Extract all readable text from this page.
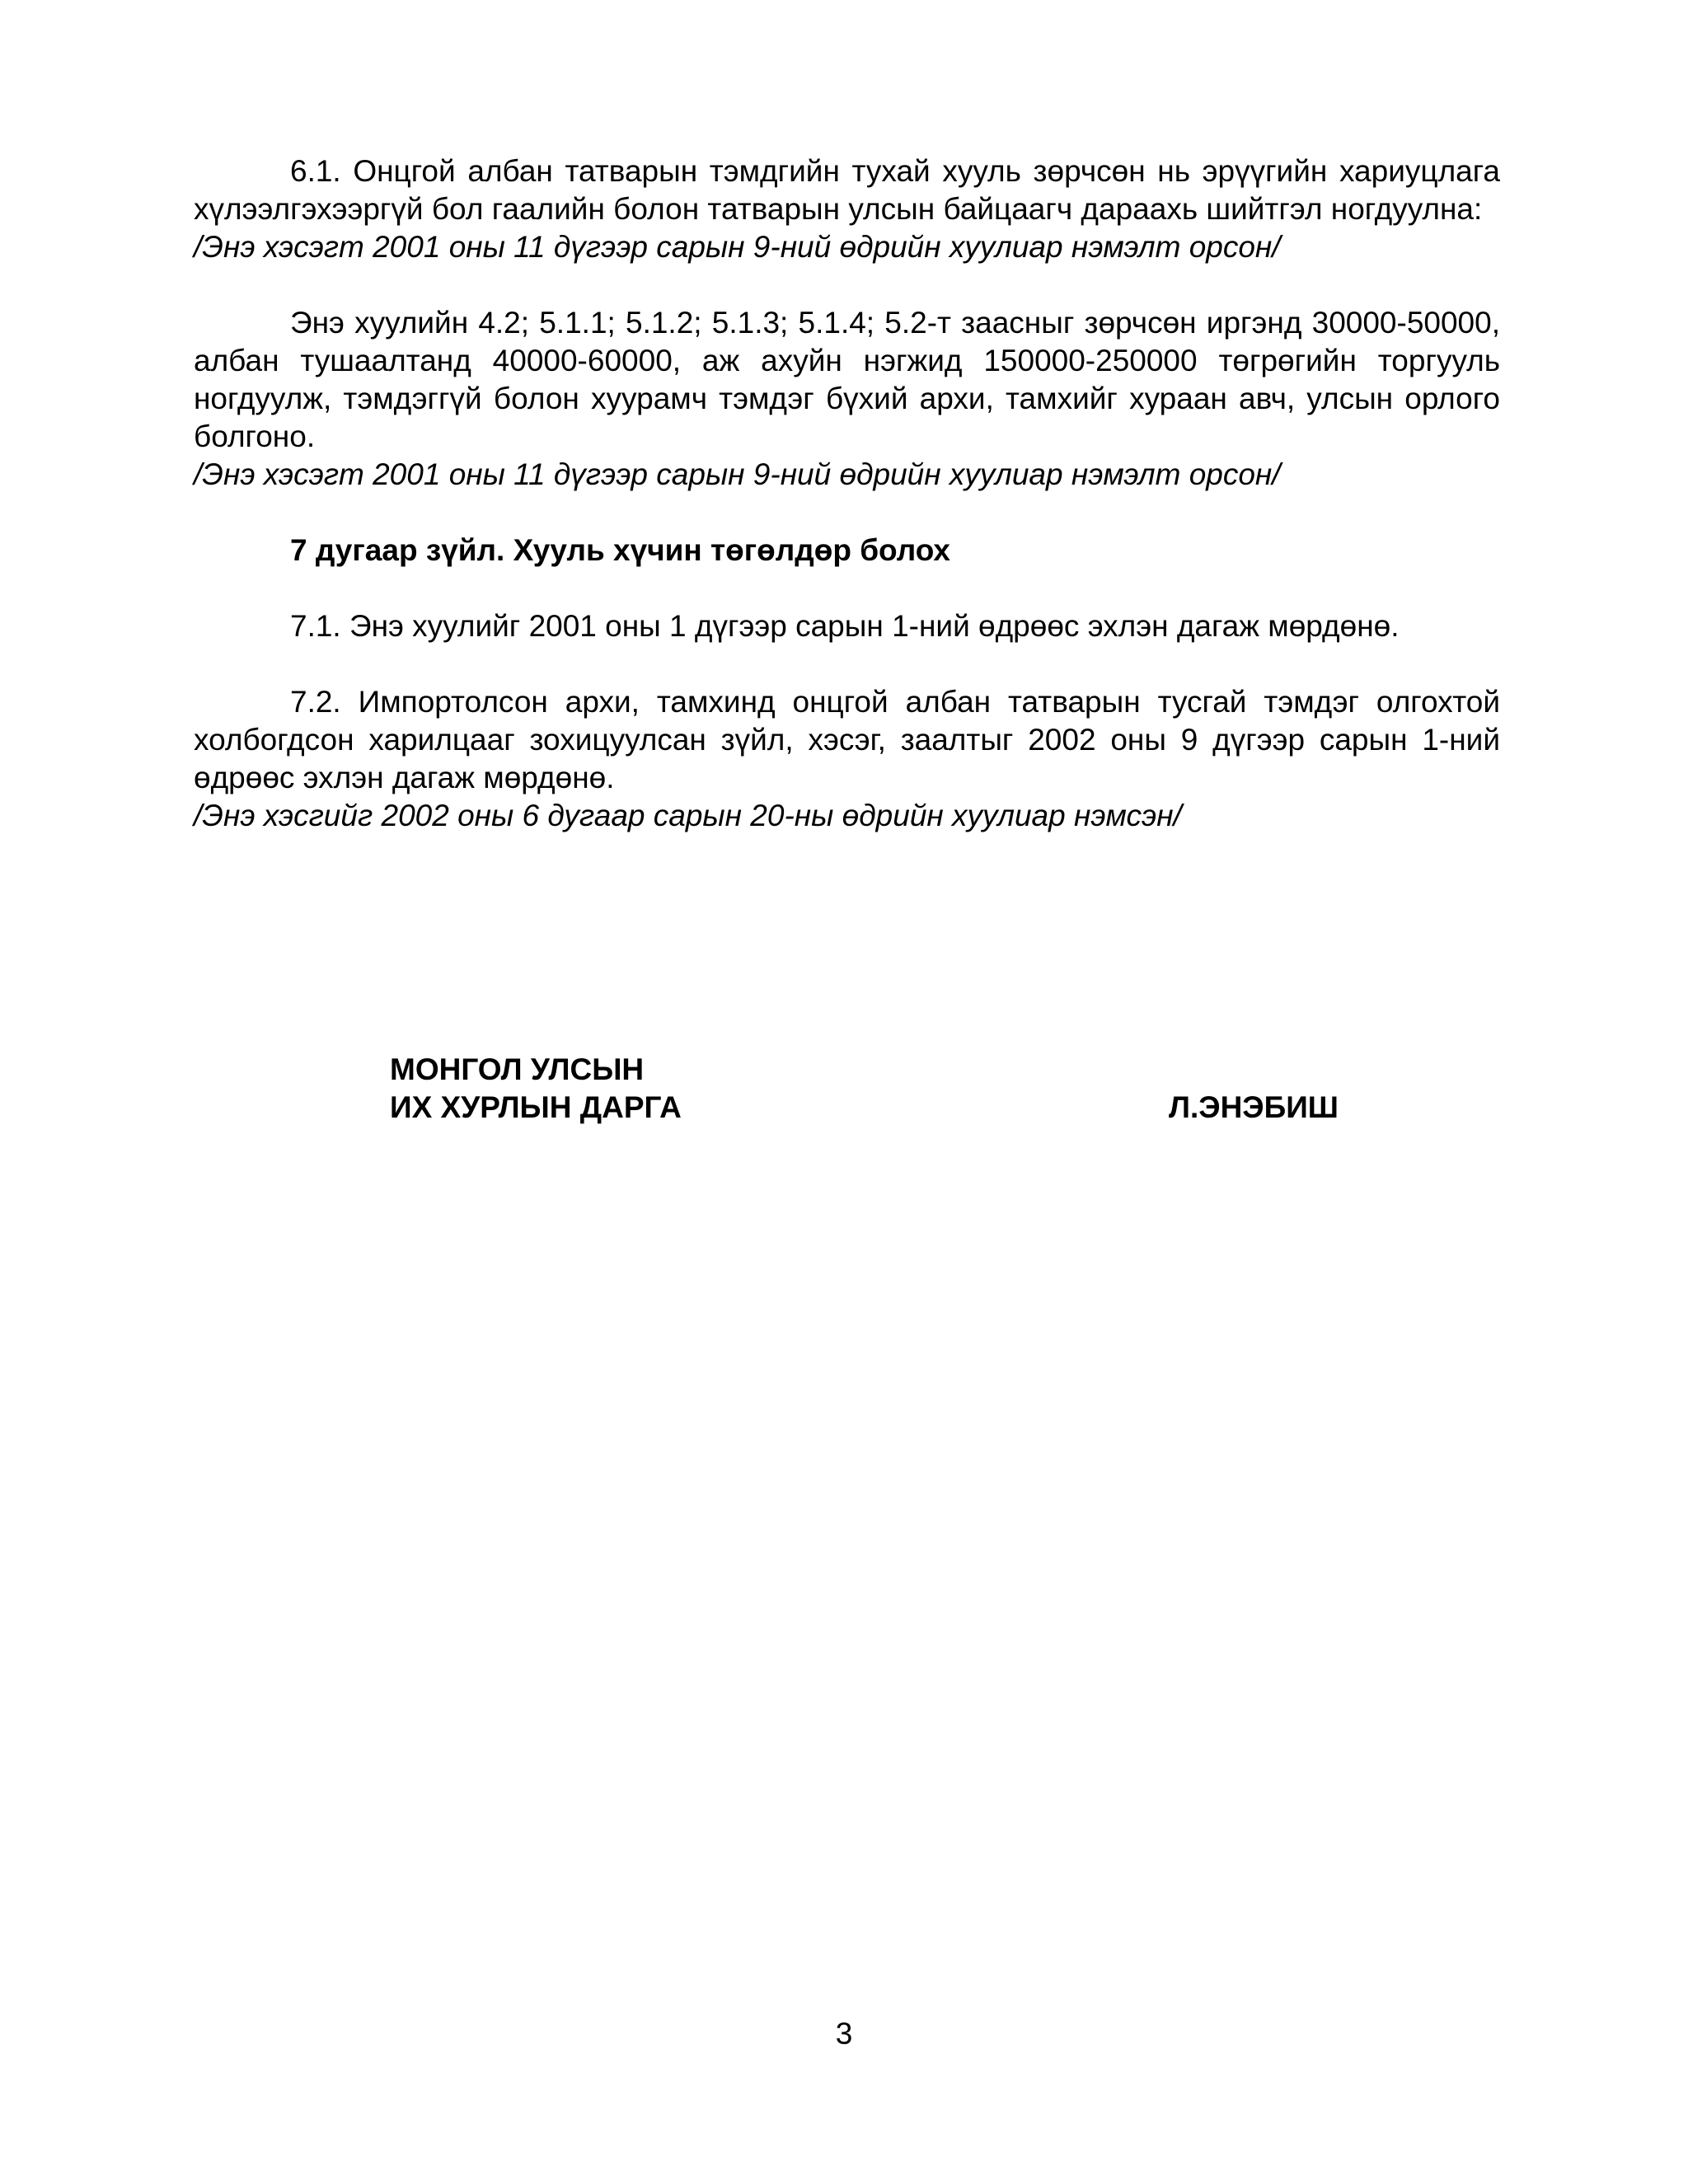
6.1. Онцгой албан татварын тэмдгийн тухай хууль зөрчсөн нь эрүүгийн хариуцлага хүлээлгэхээргүй бол гаалийн болон татварын улсын байцаагч дараахь шийтгэл ногдуулна:

/Энэ хэсэгт 2001 оны 11 дүгээр сарын 9-ний өдрийн хуулиар нэмэлт орсон/

Энэ хуулийн 4.2; 5.1.1; 5.1.2; 5.1.3; 5.1.4; 5.2-т заасныг зөрчсөн иргэнд 30000-50000, албан тушаалтанд 40000-60000, аж ахуйн нэгжид 150000-250000 төгрөгийн торгууль ногдуулж, тэмдэггүй болон хуурамч тэмдэг бүхий архи, тамхийг хураан авч, улсын орлого болгоно.

/Энэ хэсэгт 2001 оны 11 дүгээр сарын 9-ний өдрийн хуулиар нэмэлт орсон/

7 дугаар зүйл. Хууль хүчин төгөлдөр болох

7.1. Энэ хуулийг 2001 оны 1 дүгээр сарын 1-ний өдрөөс эхлэн дагаж мөрдөнө.

7.2. Импортолсон архи, тамхинд онцгой албан татварын тусгай тэмдэг олгохтой холбогдсон харилцааг зохицуулсан зүйл, хэсэг, заалтыг 2002 оны 9 дүгээр сарын 1-ний өдрөөс эхлэн дагаж мөрдөнө.

/Энэ хэсгийг 2002 оны 6 дугаар сарын 20-ны өдрийн хуулиар нэмсэн/

МОНГОЛ УЛСЫН
ИХ ХУРЛЫН ДАРГА	Л.ЭНЭБИШ
3
